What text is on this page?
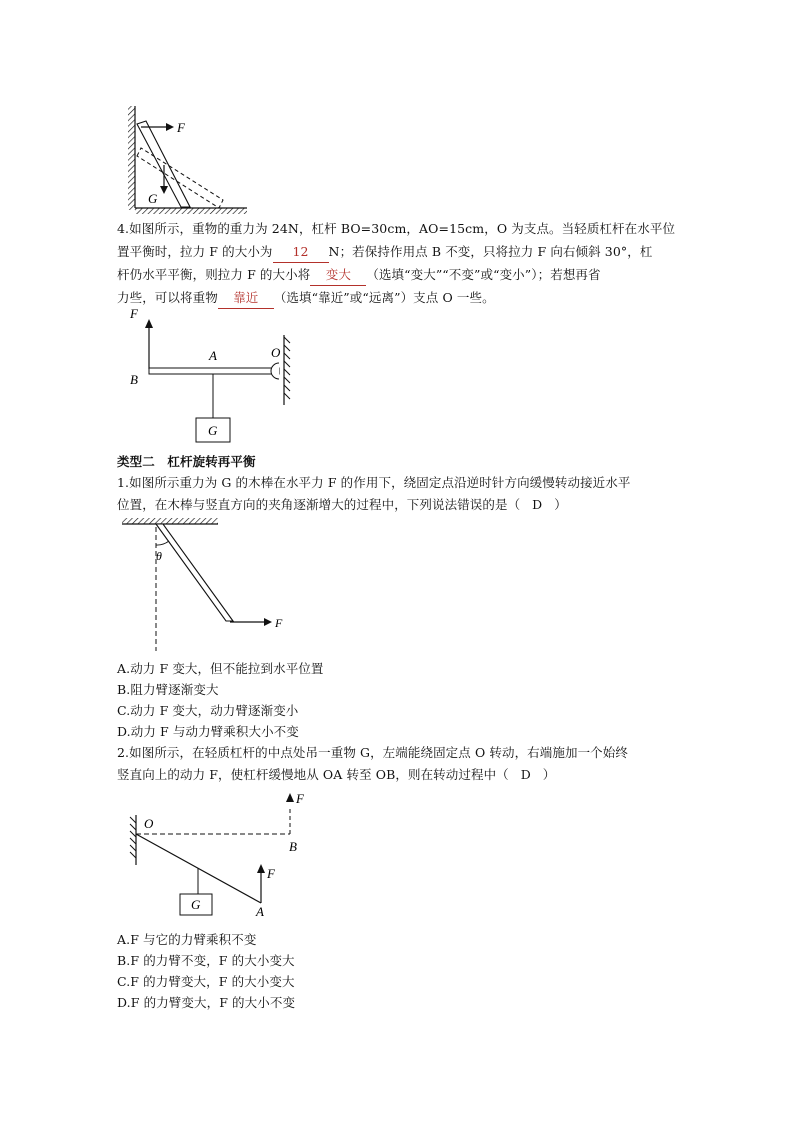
F
G
4.如图所示，重物的重力为 24N，杠杆 BO=30cm，AO=15cm，O 为支点。当轻质杠杆在水平位
置平衡时，拉力 F 的大小为 12 N；若保持作用点 B 不变，只将拉力 F 向右倾斜 30°，杠
杆仍水平平衡，则拉力 F 的大小将 变大 （选填“变大”“不变”或“变小”）；若想再省
力些，可以将重物 靠近 （选填“靠近”或“远离”）支点 O 一些。
F
A
B
O
G
类型二　杠杆旋转再平衡
1.如图所示重力为 G 的木棒在水平力 F 的作用下，绕固定点沿逆时针方向缓慢转动接近水平
位置，在木棒与竖直方向的夹角逐渐增大的过程中，下列说法错误的是（ D ）
θ
F
A.动力 F 变大，但不能拉到水平位置
B.阻力臂逐渐变大
C.动力 F 变大，动力臂逐渐变小
D.动力 F 与动力臂乘积大小不变
2.如图所示，在轻质杠杆的中点处吊一重物 G，左端能绕固定点 O 转动，右端施加一个始终
竖直向上的动力 F，使杠杆缓慢地从 OA 转至 OB，则在转动过程中（ D ）
O
F
B
F
A
G
A.F 与它的力臂乘积不变
B.F 的力臂不变，F 的大小变大
C.F 的力臂变大，F 的大小变大
D.F 的力臂变大，F 的大小不变
